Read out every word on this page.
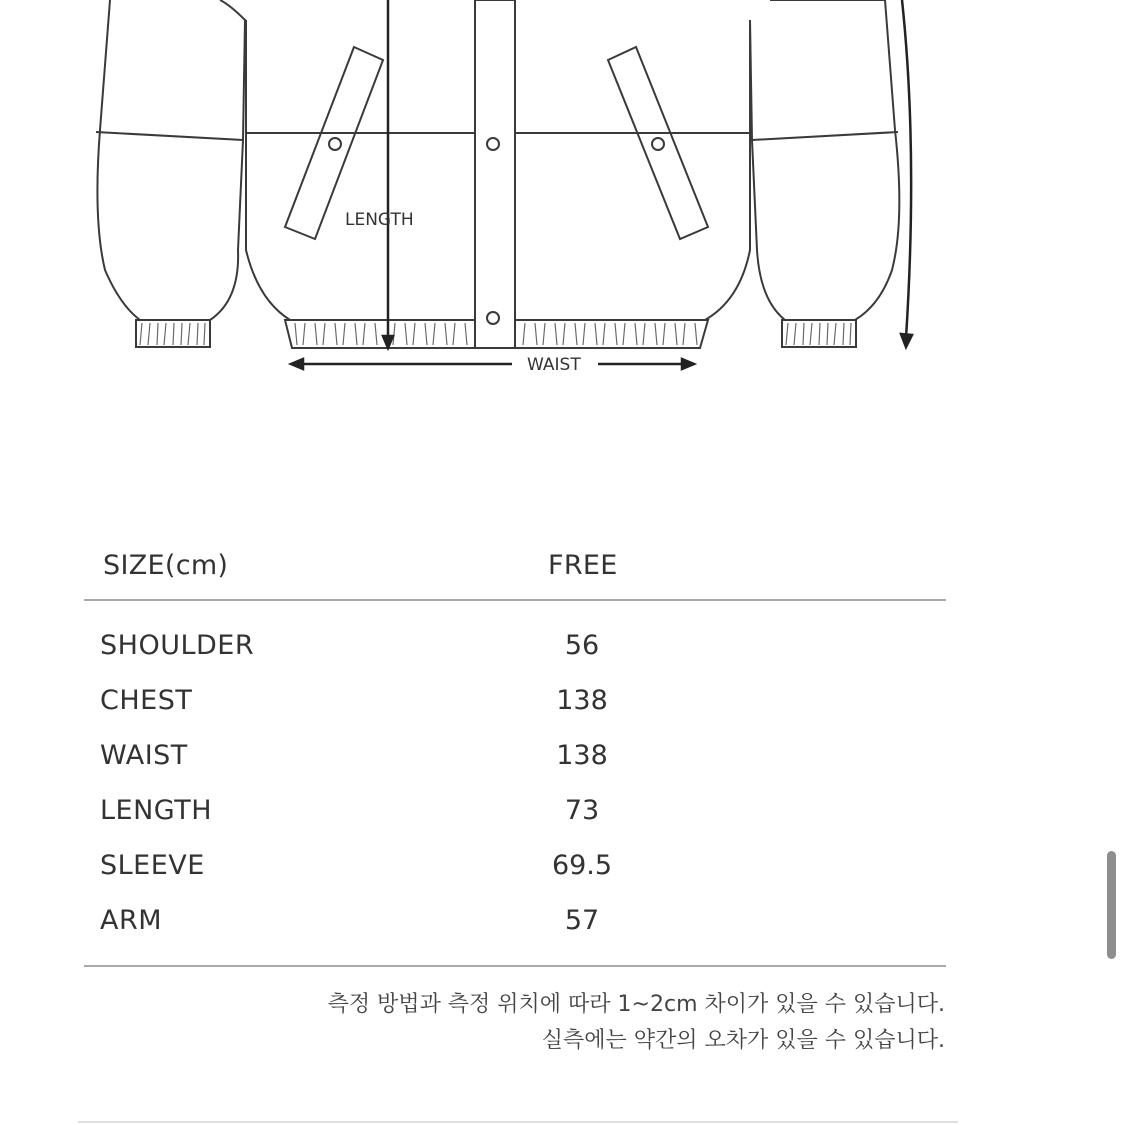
LENGTH
WAIST
SIZE(cm)	FREE
SHOULDER	56
CHEST	138
WAIST	138
LENGTH	73
SLEEVE	69.5
ARM	57
측정 방법과 측정 위치에 따라 1~2cm 차이가 있을 수 있습니다.
실측에는 약간의 오차가 있을 수 있습니다.
